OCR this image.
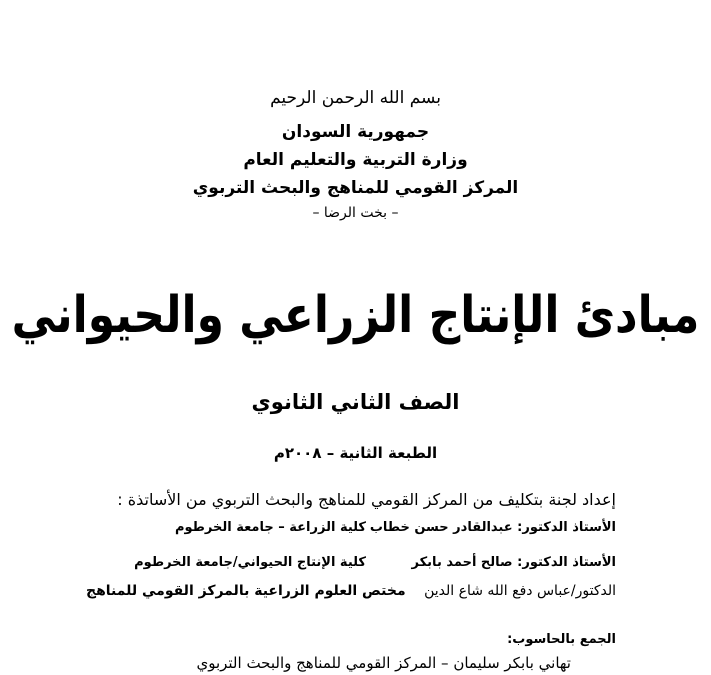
بسم الله الرحمن الرحيم
جمهورية السودان
وزارة التربية والتعليم العام
المركز القومي للمناهج والبحث التربوي
– بخت الرضا –
مبادئ الإنتاج الزراعي والحيواني
الصف الثاني الثانوي
الطبعة الثانية – ٢٠٠٨م
إعداد لجنة بتكليف من المركز القومي للمناهج والبحث التربوي من الأساتذة :
الأستاذ الدكتور: عبدالقادر حسن خطاب
كلية الزراعة – جامعة الخرطوم
الأستاذ الدكتور: صالح أحمد بابكر
كلية الإنتاج الحيواني/جامعة الخرطوم
الدكتور/عباس دفع الله شاع الدين
مختص العلوم الزراعية بالمركز القومي للمناهج
الجمع بالحاسوب:
تهاني بابكر سليمان – المركز القومي للمناهج والبحث التربوي
